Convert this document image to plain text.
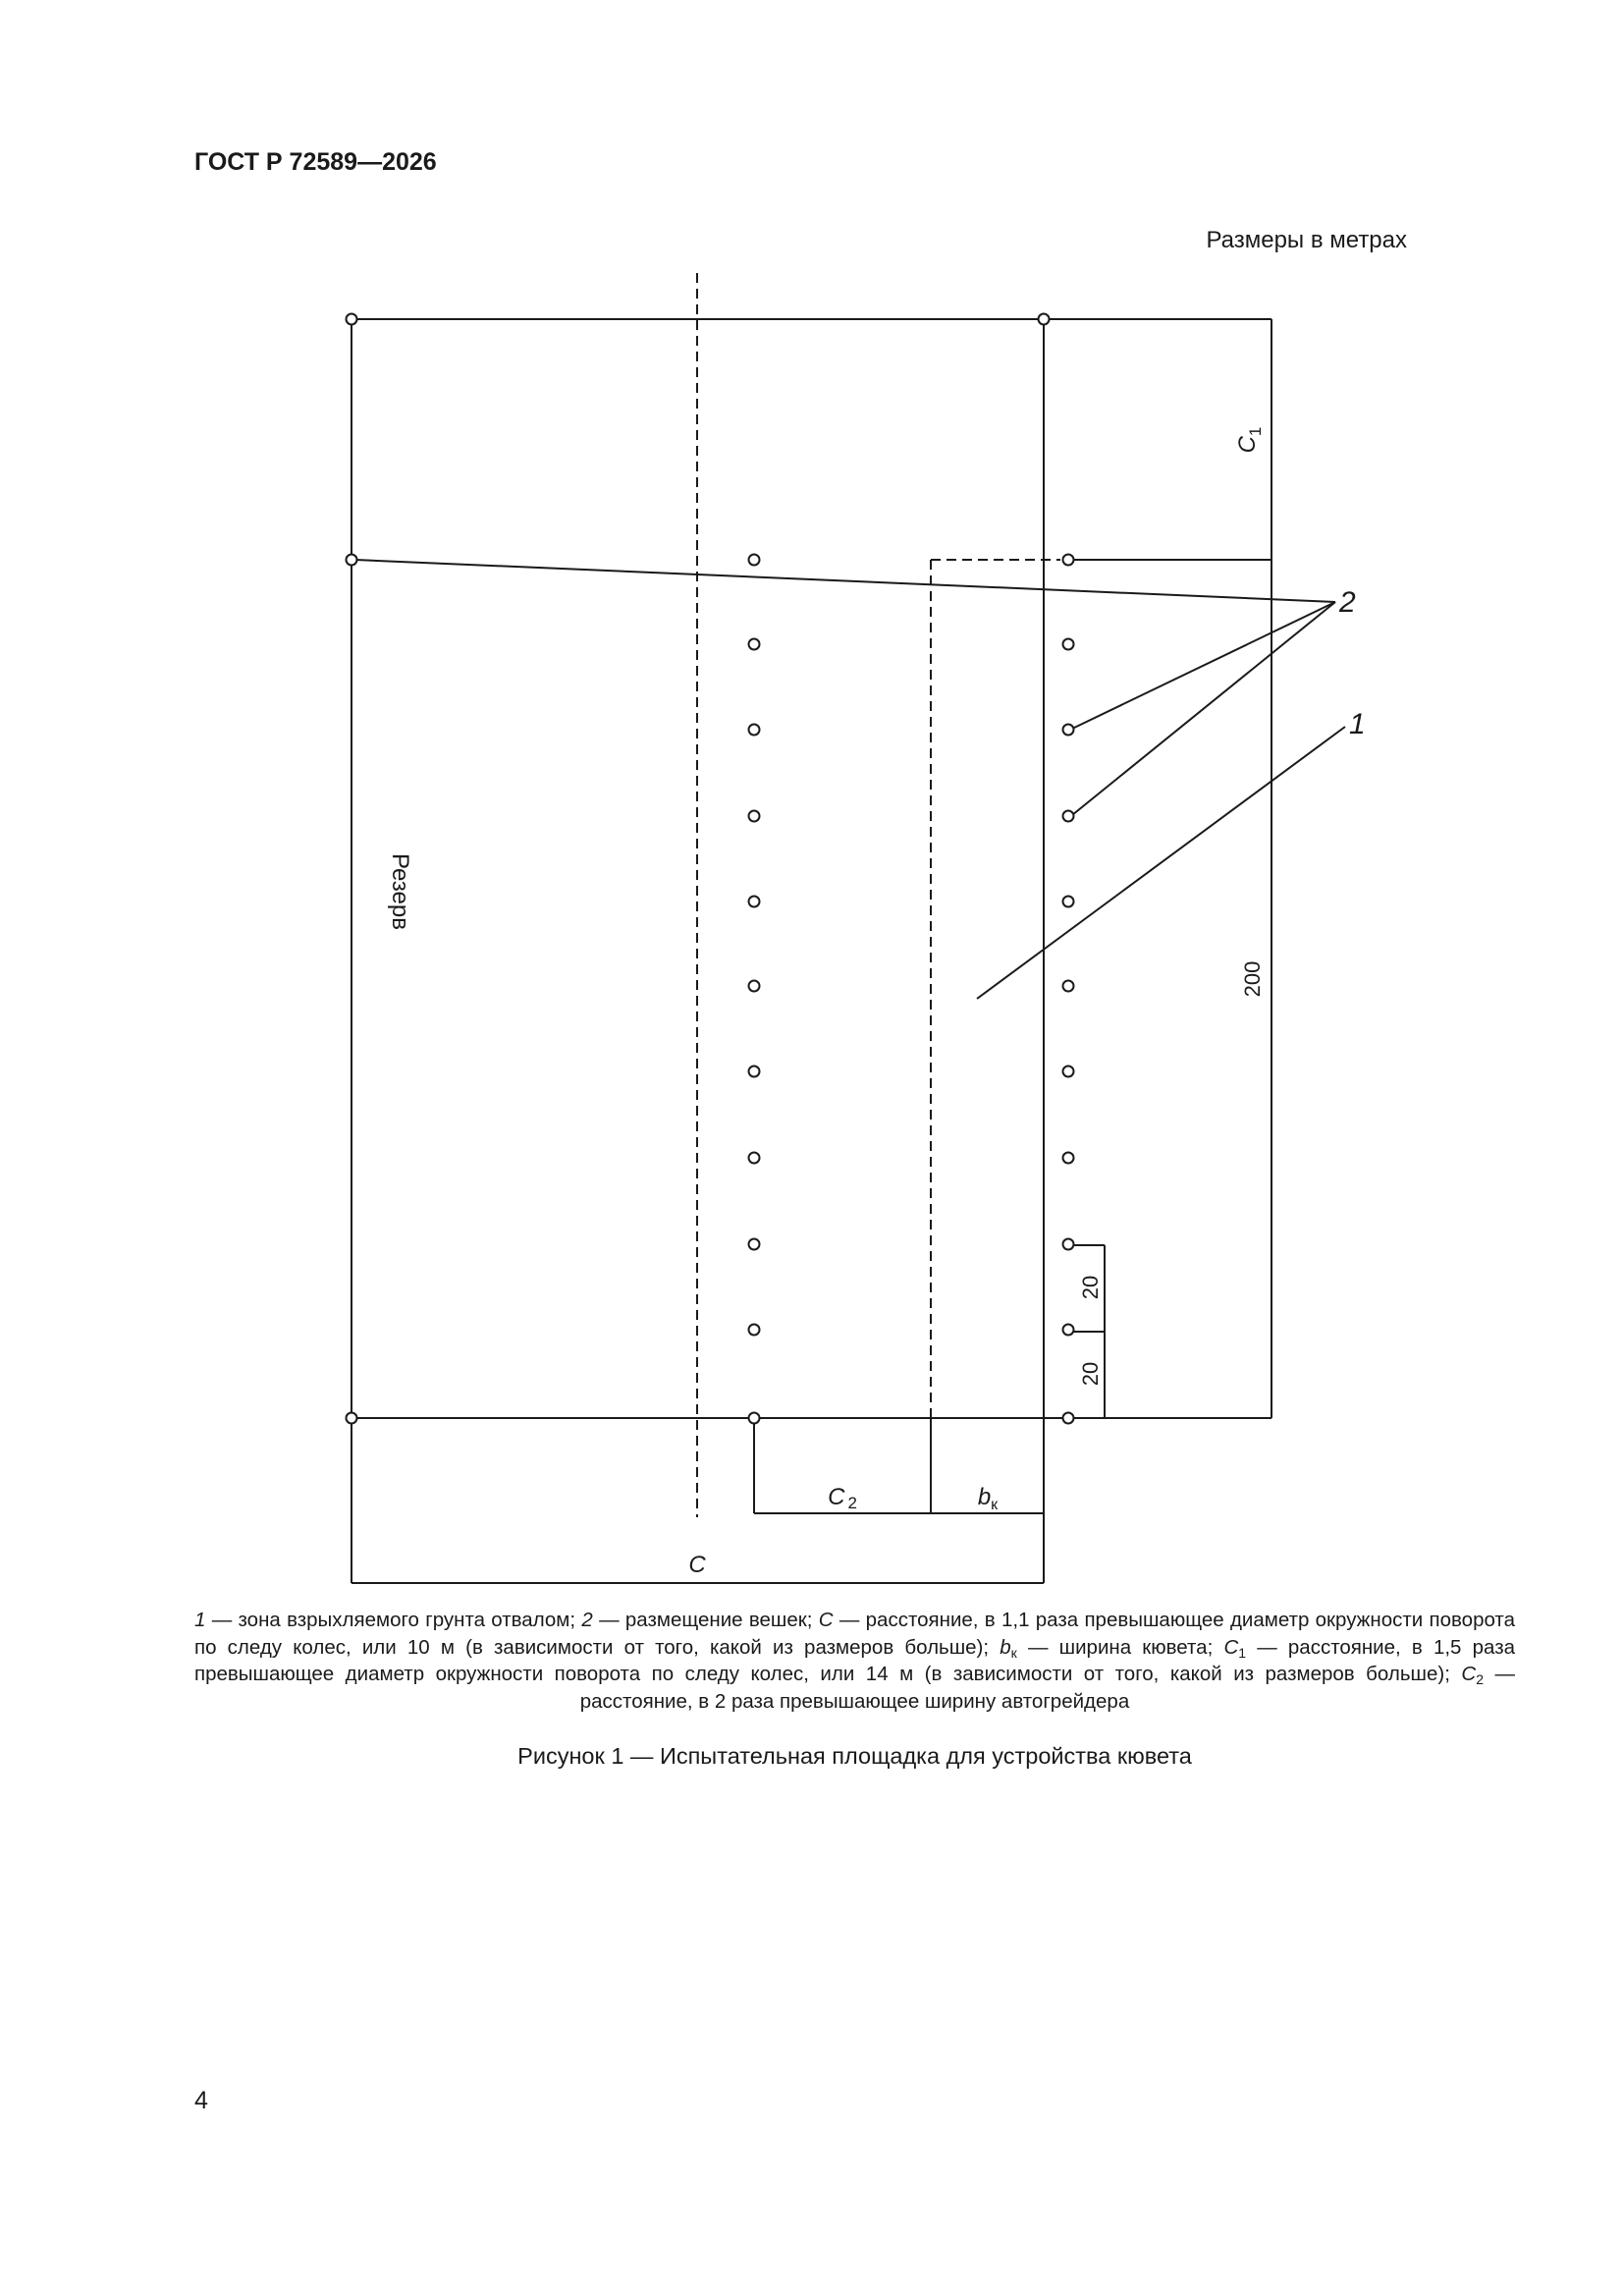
ГОСТ Р 72589—2026
Размеры в метрах
Резерв
2
1
$C_1$
200
20
20
C 2	$b_к$
C
1 — зона взрыхляемого грунта отвалом; 2 — размещение вешек; C — расстояние, в 1,1 раза превышающее диаметр окружности поворота по следу колес, или 10 м (в зависимости от того, какой из размеров больше); $b_к$ — ширина кювета; $C_1$ — расстояние, в 1,5 раза превышающее диаметр окружности поворота по следу колес, или 14 м (в зависимости от того, какой из размеров больше); $C_2$ — расстояние, в 2 раза превышающее ширину автогрейдера
Рисунок 1 — Испытательная площадка для устройства кювета
4
